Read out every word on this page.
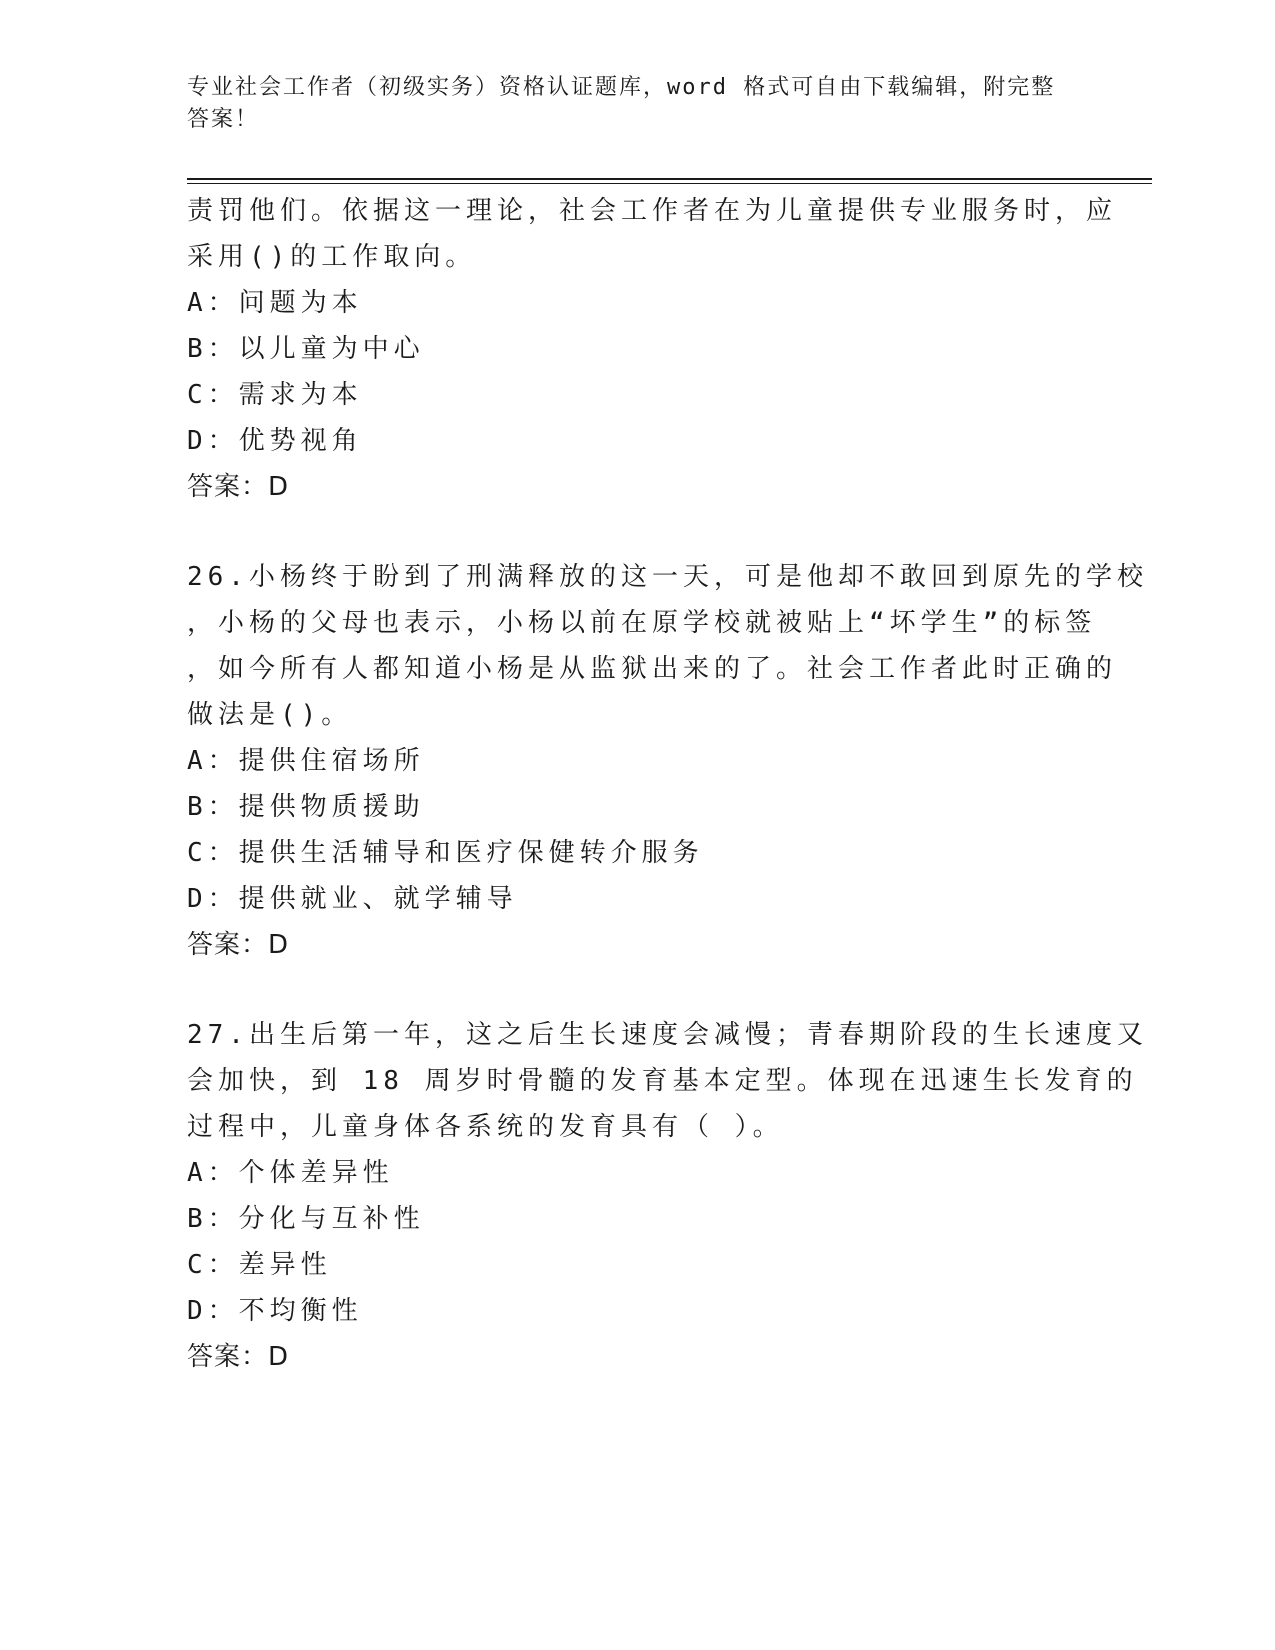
专业社会工作者（初级实务）资格认证题库，word 格式可自由下载编辑，附完整
答案！
责罚他们。依据这一理论，社会工作者在为儿童提供专业服务时，应
采用()的工作取向。
A：问题为本
B：以儿童为中心
C：需求为本
D：优势视角
答案：D
26.小杨终于盼到了刑满释放的这一天，可是他却不敢回到原先的学校
，小杨的父母也表示，小杨以前在原学校就被贴上“坏学生”的标签
，如今所有人都知道小杨是从监狱出来的了。社会工作者此时正确的
做法是()。
A：提供住宿场所
B：提供物质援助
C：提供生活辅导和医疗保健转介服务
D：提供就业、就学辅导
答案：D
27.出生后第一年，这之后生长速度会减慢；青春期阶段的生长速度又
会加快，到 18 周岁时骨髓的发育基本定型。体现在迅速生长发育的
过程中，儿童身体各系统的发育具有（ ）。
A：个体差异性
B：分化与互补性
C：差异性
D：不均衡性
答案：D
